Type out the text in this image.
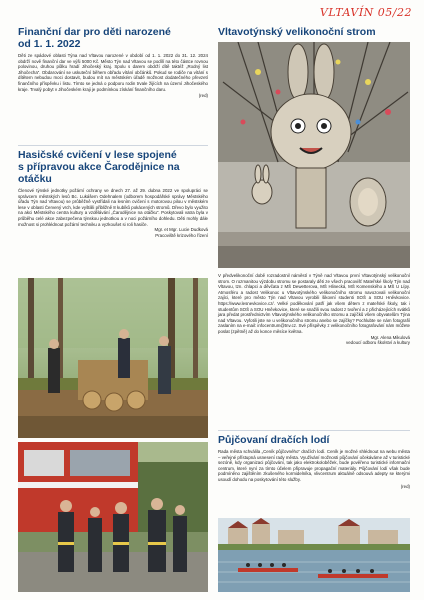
VLTAVÍN 05/22

Finanční dar pro děti narozené

od 1. 1. 2022

Děti ze spádové oblasti Týna nad Vltavou narozené v období od 1. 1. 2022 do 31. 12. 2024 obdrží nově finanční dar ve výši 5000 Kč. Město Týn nad Vltavou se podílí na této částce rovnou polovinou, druhou půlku hradí Jihočeský kraj. Spolu s darem obdrží dítě taktéž „Rodný list Jihočecha“. Obdarování se uskuteční během obřadu vítání občánků. Pokud se rodiče na vítání s dítětem nebudou moci dostavit, budou mít na městském úřadě možnost dodatečného převzetí finančního příspěvku i listu. Tímto se jedná o podporu rodin trvale žijících na území Jihočeského kraje. Trvalý pobyt v Jihočeském kraji je podmínkou získání finančního daru.

(red)

Hasičské cvičení v lese spojené

s přípravou akce Čarodějnice na otáčku

Členové týnské jednotky požární ochrany ve dnech 27. až 29. dubna 2022 ve spolupráci se správcem městských lesů Bc. Lukášem Odehnalem (odborem hospodářské správy Městského úřadu Týn nad Vltavou) se průběžně vystřídali na lesním cvičení s motorovou pilou v městském lese v oblasti Červený vrch, kde vyštilili přibližně 8 kubíků pokácených stromů. Dřevo bylo využito na akci Městského centra kultury a vzdělávání „Čarodějnice na otáčku“. Poskytovali vatra byla v průběhu celé akce zabezpečena týnskou jednotkou a v noci požárního dohledu. Děti mohly dále možnost si prohlédnout požární techniku a vyzkoušet si roli hasiče.

Mgr. et Mgr. Lucie Dudková

Pracoviště krizového řízení

Vltavotýnský velikonoční strom

V předvelikonoční době rozradostnil náměstí v Týně nad Vltavou první Vltavotýnský velikonoční strom. O rozmanitou výzdobu stromu se postaraly děti ze všech pracovišť Mateřské školy Týn nad Vltavou, tzn. chlapci a děvčata z MŠ Dewetterova, MŠ Hlinecká, MŠ Komenského a MŠ U Lípy. Atmosféru a radost Velikonoc u Vltavotýnského velikonočního stromu navozovali velikonoční zajíci, které pro město Týn nad Vltavou vyrobili šikovní studenti SOŠ a SOU Hněvkovice. https://www.lesnevkovice.cz/. Velké poděkování patří jak všem dětem z mateřské školy, tak i studentům SOŠ a SOU Hněvkovice, které se snažili svou radost z tvoření a z přicházejících svátků jara předat prostřednictvím Vltavotýnského velikonočního stromu a zajíčků všem obyvatelům Týna nad Vltavou. Vyfotili jste se u velikonočního stromu anebo se zajíčky? Pochlubte se nám fotografií zaslaním na e-mail: infocentrum@tnv.cz. Své příspěvky z velikonočního fotografování nám můžete poslat (zpětně) až do konce měsíce května.

Mgr. Alena Mikulová

vedoucí odboru školství a kultury

Půjčovaní dračích lodí

Rada města schválila „Ceník půjčovného“ dračích lodí. Ceník je možné shlédnout na webu města – veřejné přístupná usnesení rady města. Využívání možnosti půjčování očekáváme až v turistické sezóně, kdy organizaci půjčování, tak jako elektrokoloběžek, bude pověřeno turistické informační centrum, které nyní za tímto účelem připravuje propagační materiály. Půjčování lodí však bude podmíněno zajištěním zkušeného kormidelníka, vlivcentrum aktuálně odsouvá adepty se kterými usoudí dohodu na poskytování této služby.

(red)
